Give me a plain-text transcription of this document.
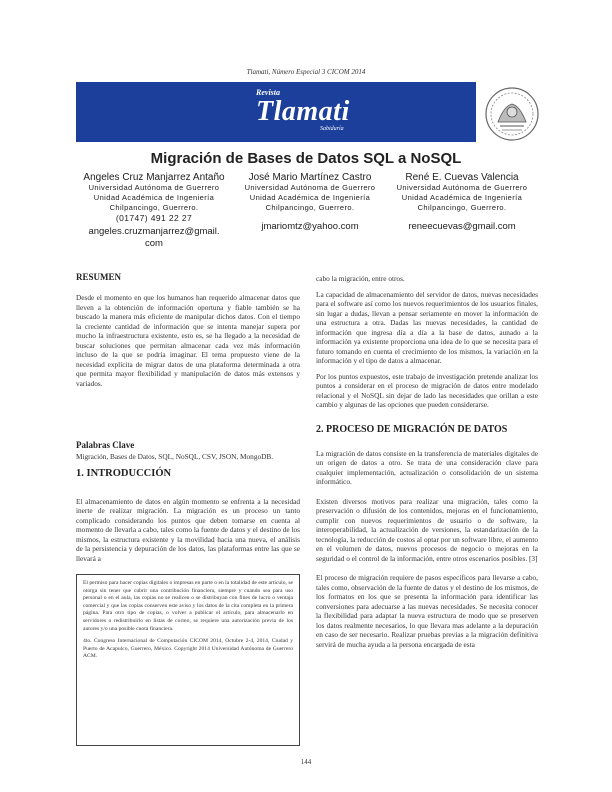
Tlamati, Número Especial 3 CICOM 2014
Revista
Tlamati
Sabiduría
Migración de Bases de Datos SQL a NoSQL
Angeles Cruz Manjarrez Antaño
Universidad Autónoma de Guerrero
Unidad Académica de Ingeniería
Chilpancingo, Guerrero.
(01747) 491 22 27
angeles.cruzmanjarrez@gmail.
com
José Mario Martínez Castro
Universidad Autónoma de Guerrero
Unidad Académica de Ingeniería
Chilpancingo, Guerrero.
jmariomtz@yahoo.com
René E. Cuevas Valencia
Universidad Autónoma de Guerrero
Unidad Académica de Ingeniería
Chilpancingo, Guerrero.
reneecuevas@gmail.com
RESUMEN

Desde el momento en que los humanos han requerido almacenar datos que lleven a la obtención de información oportuna y fiable también se ha buscado la manera más eficiente de manipular dichos datos. Con el tiempo la creciente cantidad de información que se intenta manejar supera por mucho la infraestructura existente, esto es, se ha llegado a la necesidad de buscar soluciones que permitan almacenar cada vez más información incluso de la que se podría imaginar. El tema propuesto viene de la necesidad explícita de migrar datos de una plataforma determinada a otra que permita mayor flexibilidad y manipulación de datos más extensos y variados.

Palabras Clave

Migración, Bases de Datos, SQL, NoSQL, CSV, JSON, MongoDB.

1. INTRODUCCIÓN

El almacenamiento de datos en algún momento se enfrenta a la necesidad inerte de realizar migración. La migración es un proceso un tanto complicado considerando los puntos que deben tomarse en cuenta al momento de llevarla a cabo, tales como la fuente de datos y el destino de los mismos, la estructura existente y la movilidad hacia una nueva, el análisis de la persistencia y depuración de los datos, las plataformas entre las que se llevará a

El permiso para hacer copias digitales o impresas en parte o en la totalidad de este artículo, se otorga sin tener que cubrir una contribución financiera, siempre y cuando sea para uso personal o en el aula, las copias no se realicen o se distribuyan con fines de lucro o ventaja comercial y que las copias conserven este aviso y los datos de la cita completa en la primera página. Para otro tipo de copias, o volver a publicar el artículo, para almacenarlo en servidores o redistribuirlo en listas de correo, se requiere una autorización previa de los autores y/o una posible cuota financiera.

4to. Congreso Internacional de Computación CICOM 2014, Octubre 2-4, 2014, Ciudad y Puerto de Acapulco, Guerrero, México. Copyright 2014 Universidad Autónoma de Guerrero ACM.

cabo la migración, entre otros.

La capacidad de almacenamiento del servidor de datos, nuevas necesidades para el software así como los nuevos requerimientos de los usuarios finales, sin lugar a dudas, llevan a pensar seriamente en mover la información de una estructura a otra. Dadas las nuevas necesidades, la cantidad de información que ingresa día a día a la base de datos, aunado a la información ya existente proporciona una idea de lo que se necesita para el futuro tomando en cuenta el crecimiento de los mismos, la variación en la información y el tipo de datos a almacenar.

Por los puntos expuestos, este trabajo de investigación pretende analizar los puntos a considerar en el proceso de migración de datos entre modelado relacional y el NoSQL sin dejar de lado las necesidades que orillan a este cambio y algunas de las opciones que pueden considerarse.

2. PROCESO DE MIGRACIÓN DE DATOS

La migración de datos consiste en la transferencia de materiales digitales de un origen de datos a otro. Se trata de una consideración clave para cualquier implementación, actualización o consolidación de un sistema informático.

Existen diversos motivos para realizar una migración, tales como la preservación o difusión de los contenidos, mejoras en el funcionamiento, cumplir con nuevos requerimientos de usuario o de software, la interoperabilidad, la actualización de versiones, la estandarización de la tecnología, la reducción de costos al optar por un software libre, el aumento en el volumen de datos, nuevos procesos de negocio o mejoras en la seguridad o el control de la información, entre otros escenarios posibles. [3]

El proceso de migración requiere de pasos específicos para llevarse a cabo, tales como, observación de la fuente de datos y el destino de los mismos, de los formatos en los que se presenta la información para identificar las conversiones para adecuarse a las nuevas necesidades. Se necesita conocer la flexibilidad para adaptar la nueva estructura de modo que se preserven los datos realmente necesarios, lo que llevara mas adelante a la depuración en caso de ser necesario. Realizar pruebas previas a la migración definitiva servirá de mucha ayuda a la persona encargada de esta

144
